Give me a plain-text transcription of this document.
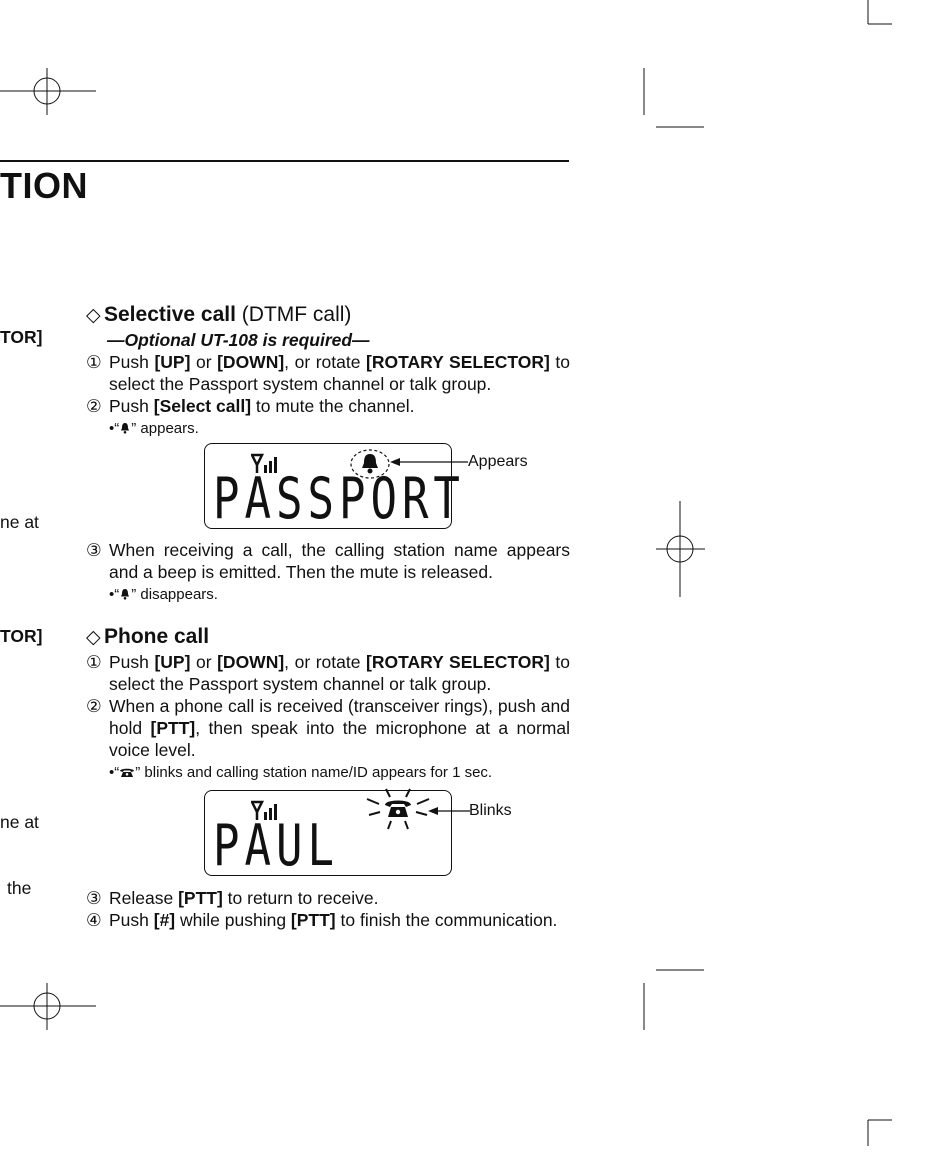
TION
TOR]
ne at
TOR]
ne at
the
◇ Selective call (DTMF call)
—Optional UT-108 is required—
① Push [UP] or [DOWN], or rotate [ROTARY SELECTOR] to select the Passport system channel or talk group.
② Push [Select call] to mute the channel.
•“ ” appears.
PASSPORT
Appears
③ When receiving a call, the calling station name appears and a beep is emitted. Then the mute is released.
•“ ” disappears.
◇ Phone call
① Push [UP] or [DOWN], or rotate [ROTARY SELECTOR] to select the Passport system channel or talk group.
② When a phone call is received (transceiver rings), push and hold [PTT], then speak into the microphone at a normal voice level.
•“ ” blinks and calling station name/ID appears for 1 sec.
PAUL
Blinks
③ Release [PTT] to return to receive.
④ Push [#] while pushing [PTT] to finish the communication.
